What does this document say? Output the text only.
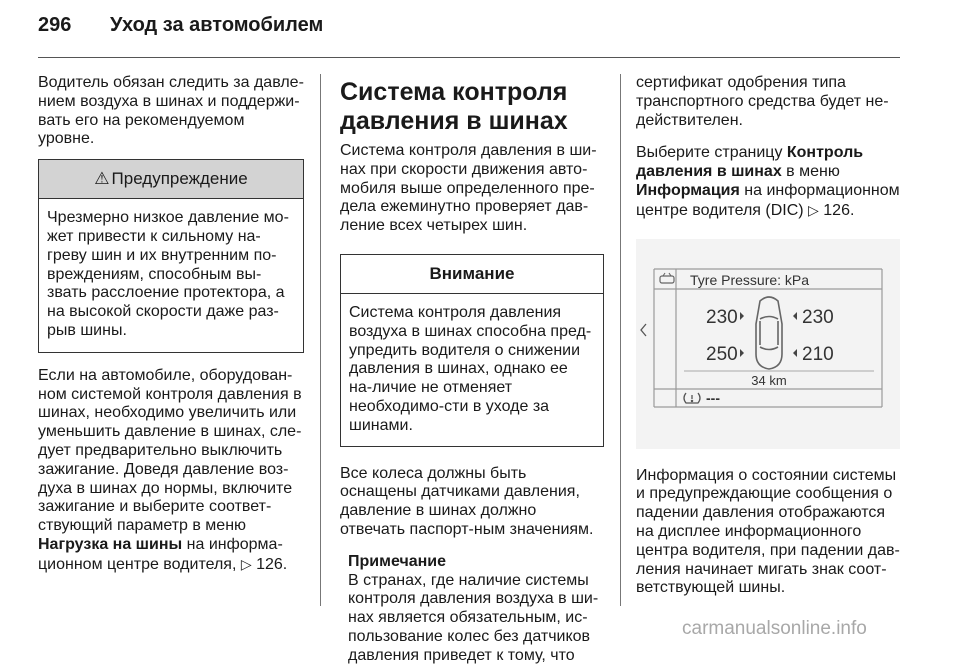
296 Уход за автомобилем

Водитель обязан следить за давле-нием воздуха в шинах и поддержи-вать его на рекомендуемом уровне.

⚠ Предупреждение
Чрезмерно низкое давление мо-жет привести к сильному на-греву шин и их внутренним по-вреждениям, способным вы-звать расслоение протектора, а на высокой скорости даже раз-рыв шины.

Если на автомобиле, оборудован-ном системой контроля давления в шинах, необходимо увеличить или уменьшить давление в шинах, сле-дует предварительно выключить зажигание. Доведя давление воз-духа в шинах до нормы, включите зажигание и выберите соответ-ствующий параметр в меню Нагрузка на шины на информа-ционном центре водителя, ▷ 126.

Система контроля давления в шинах

Система контроля давления в ши-нах при скорости движения авто-мобиля выше определенного пре-дела ежеминутно проверяет дав-ление всех четырех шин.

Внимание
Система контроля давления воздуха в шинах способна пред-упредить водителя о снижении давления в шинах, однако ее на-личие не отменяет необходимо-сти в уходе за шинами.

Все колеса должны быть оснащены датчиками давления, давление в шинах должно отвечать паспорт-ным значениям.

Примечание

В странах, где наличие системы контроля давления воздуха в ши-нах является обязательным, ис-пользование колес без датчиков давления приведет к тому, что

сертификат одобрения типа транспортного средства будет не-действителен.

Выберите страницу Контроль давления в шинах в меню Информация на информационном центре водителя (DIC) ▷ 126.

Tyre Pressure: kPa
230	230
250	210
34 km
---

Информация о состоянии системы и предупреждающие сообщения о падении давления отображаются на дисплее информационного центра водителя, при падении дав-ления начинает мигать знак соот-ветствующей шины.

carmanualsonline.info
